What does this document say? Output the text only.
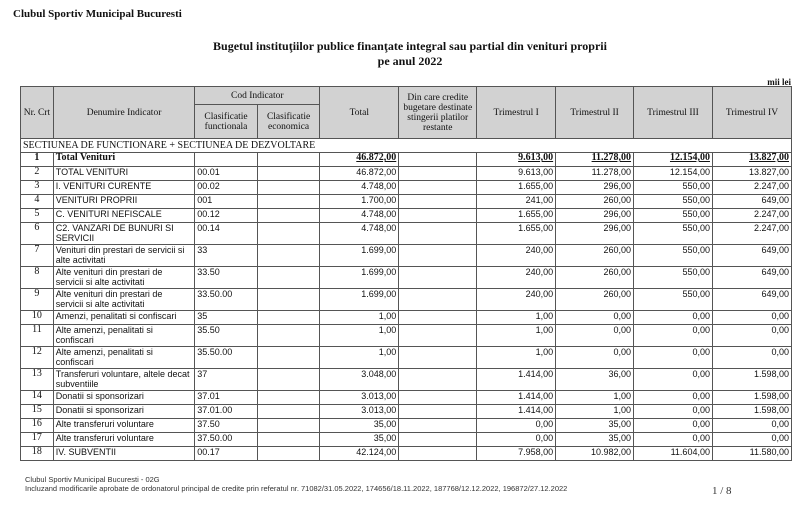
Clubul Sportiv Municipal Bucuresti
Bugetul instituţiilor publice finanţate integral sau partial din venituri proprii
pe anul 2022
mii lei
Nr. Crt	Denumire Indicator	Cod Indicator		Total	Din care credite bugetare destinate stingerii platilor restante	Trimestrul I	Trimestrul II	Trimestrul III	Trimestrul IV
		Clasificatie functionala	Clasificatie economica						
SECTIUNEA DE FUNCTIONARE + SECTIUNEA DE DEZVOLTARE									
1	Total Venituri			46.872,00		9.613,00	11.278,00	12.154,00	13.827,00
2	TOTAL VENITURI	00.01		46.872,00		9.613,00	11.278,00	12.154,00	13.827,00
3	I. VENITURI CURENTE	00.02		4.748,00		1.655,00	296,00	550,00	2.247,00
4	VENITURI PROPRII	001		1.700,00		241,00	260,00	550,00	649,00
5	C. VENITURI NEFISCALE	00.12		4.748,00		1.655,00	296,00	550,00	2.247,00
6	C2. VANZARI DE BUNURI SI SERVICII	00.14		4.748,00		1.655,00	296,00	550,00	2.247,00
7	Venituri din prestari de servicii si alte activitati	33		1.699,00		240,00	260,00	550,00	649,00
8	Alte venituri din prestari de servicii si alte activitati	33.50		1.699,00		240,00	260,00	550,00	649,00
9	Alte venituri din prestari de servicii si alte activitati	33.50.00		1.699,00		240,00	260,00	550,00	649,00
10	Amenzi, penalitati si confiscari	35		1,00		1,00	0,00	0,00	0,00
11	Alte amenzi, penalitati si confiscari	35.50		1,00		1,00	0,00	0,00	0,00
12	Alte amenzi, penalitati si confiscari	35.50.00		1,00		1,00	0,00	0,00	0,00
13	Transferuri voluntare, altele decat subventiile	37		3.048,00		1.414,00	36,00	0,00	1.598,00
14	Donatii si sponsorizari	37.01		3.013,00		1.414,00	1,00	0,00	1.598,00
15	Donatii si sponsorizari	37.01.00		3.013,00		1.414,00	1,00	0,00	1.598,00
16	Alte transferuri voluntare	37.50		35,00		0,00	35,00	0,00	0,00
17	Alte transferuri voluntare	37.50.00		35,00		0,00	35,00	0,00	0,00
18	IV. SUBVENTII	00.17		42.124,00		7.958,00	10.982,00	11.604,00	11.580,00
Clubul Sportiv Municipal Bucuresti - 02G
Incluzand modificarile aprobate de ordonatorul principal de credite prin referatul nr. 71082/31.05.2022, 174656/18.11.2022, 187768/12.12.2022, 196872/27.12.2022	1 / 8
